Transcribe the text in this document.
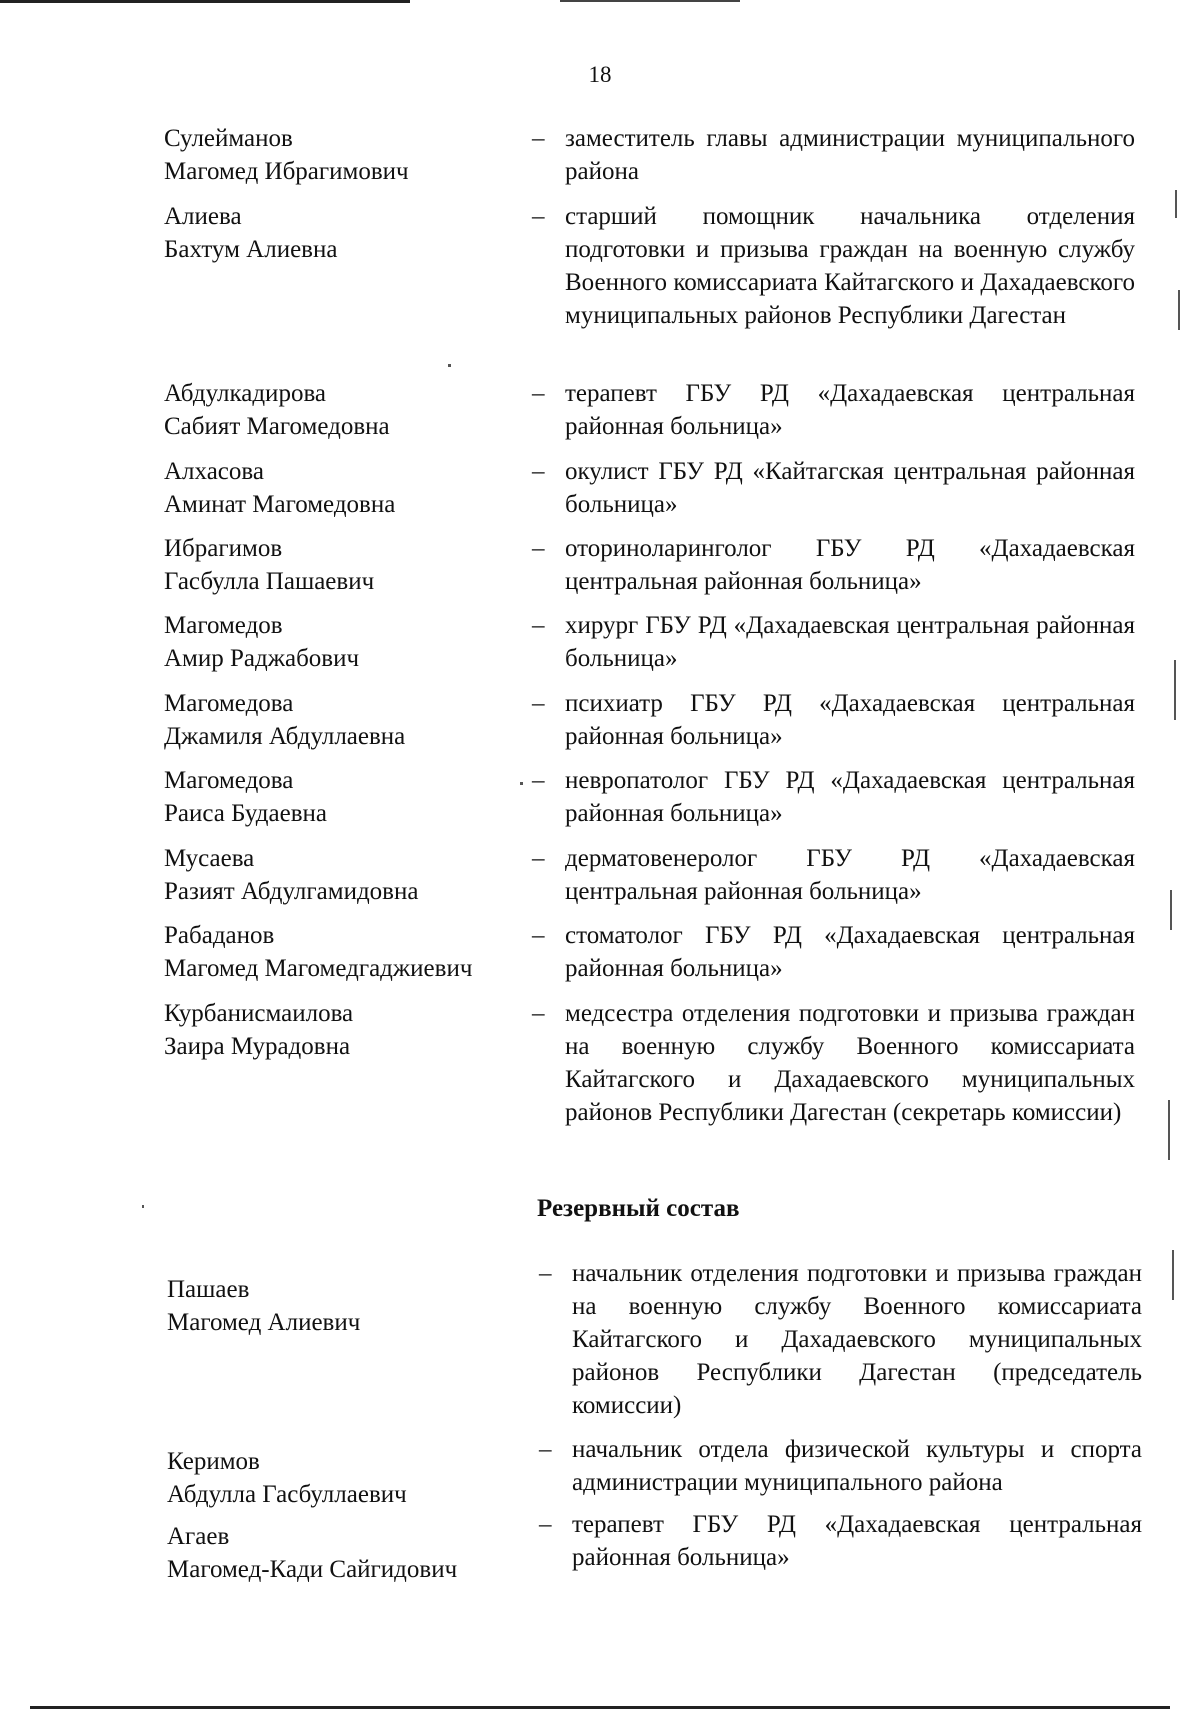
18
Сулейманов
Магомед Ибрагимович
– заместитель главы администрации муниципального района
Алиева
Бахтум Алиевна
– старший помощник начальника отделения подготовки и призыва граждан на военную службу Военного комиссариата Кайтагского и Дахадаевского муниципальных районов Республики Дагестан
Абдулкадирова
Сабият Магомедовна
– терапевт ГБУ РД «Дахадаевская центральная районная больница»
Алхасова
Аминат Магомедовна
– окулист ГБУ РД «Кайтагская центральная районная больница»
Ибрагимов
Гасбулла Пашаевич
– оториноларинголог ГБУ РД «Дахадаевская центральная районная больница»
Магомедов
Амир Раджабович
– хирург ГБУ РД «Дахадаевская центральная районная больница»
Магомедова
Джамиля Абдуллаевна
– психиатр ГБУ РД «Дахадаевская центральная районная больница»
Магомедова
Раиса Будаевна
– невропатолог ГБУ РД «Дахадаевская центральная районная больница»
Мусаева
Разият Абдулгамидовна
– дерматовенеролог ГБУ РД «Дахадаевская центральная районная больница»
Рабаданов
Магомед Магомедгаджиевич
– стоматолог ГБУ РД «Дахадаевская центральная районная больница»
Курбанисмаилова
Заира Мурадовна
– медсестра отделения подготовки и призыва граждан на военную службу Военного комиссариата Кайтагского и Дахадаевского муниципальных районов Республики Дагестан (секретарь комиссии)
Резервный состав
Пашаев
Магомед Алиевич
– начальник отделения подготовки и призыва граждан на военную службу Военного комиссариата Кайтагского и Дахадаевского муниципальных районов Республики Дагестан (председатель комиссии)
Керимов
Абдулла Гасбуллаевич
– начальник отдела физической культуры и спорта администрации муниципального района
Агаев
Магомед-Кади Сайгидович
– терапевт ГБУ РД «Дахадаевская центральная районная больница»
